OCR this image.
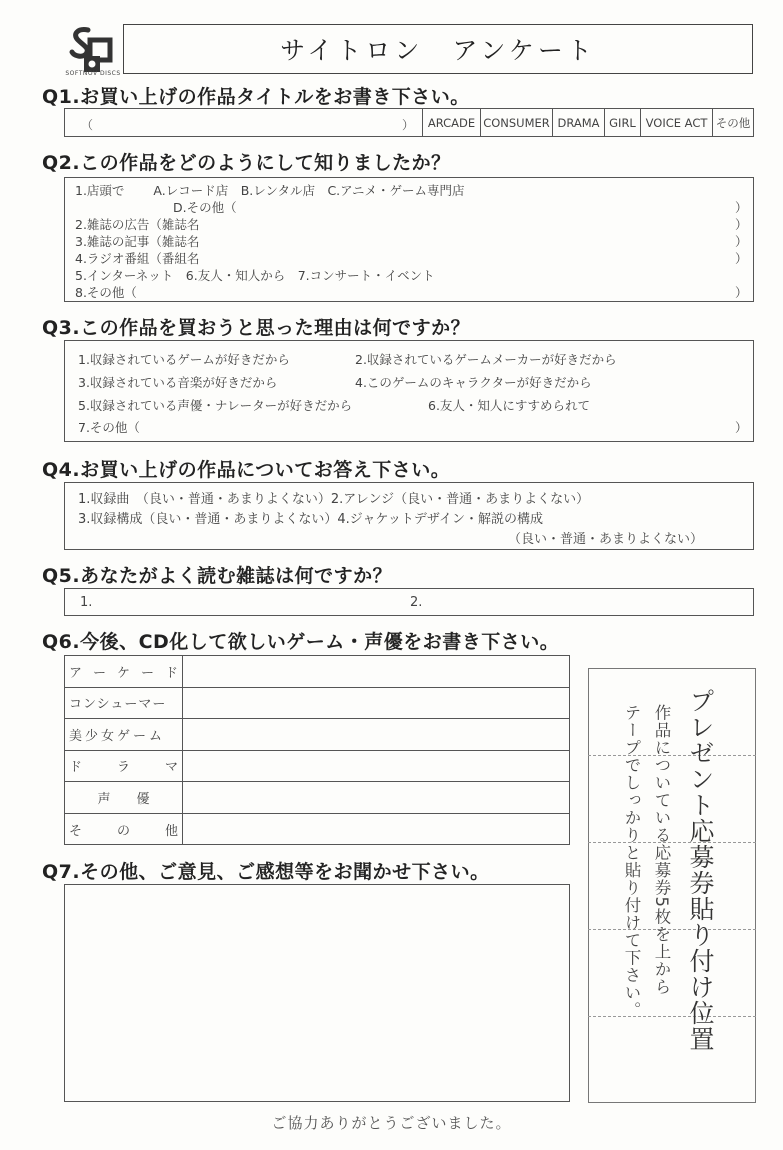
SOFTNOV DISCS
サイトロン　アンケート
Q1.お買い上げの作品タイトルをお書き下さい。
（	）	ARCADE CONSUMER DRAMA GIRL VOICE ACT その他
Q2.この作品をどのようにして知りましたか？
1.店頭で　　 A.レコード店　B.レンタル店　C.アニメ・ゲーム専門店
D.その他（	）
2.雑誌の広告（雑誌名	）
3.雑誌の記事（雑誌名	）
4.ラジオ番組（番組名	）
5.インターネット　6.友人・知人から　7.コンサート・イベント
8.その他（	）
Q3.この作品を買おうと思った理由は何ですか？
1.収録されているゲームが好きだから	2.収録されているゲームメーカーが好きだから
3.収録されている音楽が好きだから	4.このゲームのキャラクターが好きだから
5.収録されている声優・ナレーターが好きだから	6.友人・知人にすすめられて
7.その他（	）
Q4.お買い上げの作品についてお答え下さい。
1.収録曲　（良い・普通・あまりよくない）2.アレンジ（良い・普通・あまりよくない）
3.収録構成（良い・普通・あまりよくない）4.ジャケットデザイン・解説の構成
（良い・普通・あまりよくない）
Q5.あなたがよく読む雑誌は何ですか？
1.	2.
Q6.今後、CD化して欲しいゲーム・声優をお書き下さい。
ア ー ケ ー ド
コンシューマー
美少女ゲーム
ド	ラ	マ
声 優
そ	の	他
Q7.その他、ご意見、ご感想等をお聞かせ下さい。	プレゼント応募券貼り付け位置
作品についている応募券5枚を上から
テープでしっかりと貼り付けて下さい。
ご協力ありがとうございました。
